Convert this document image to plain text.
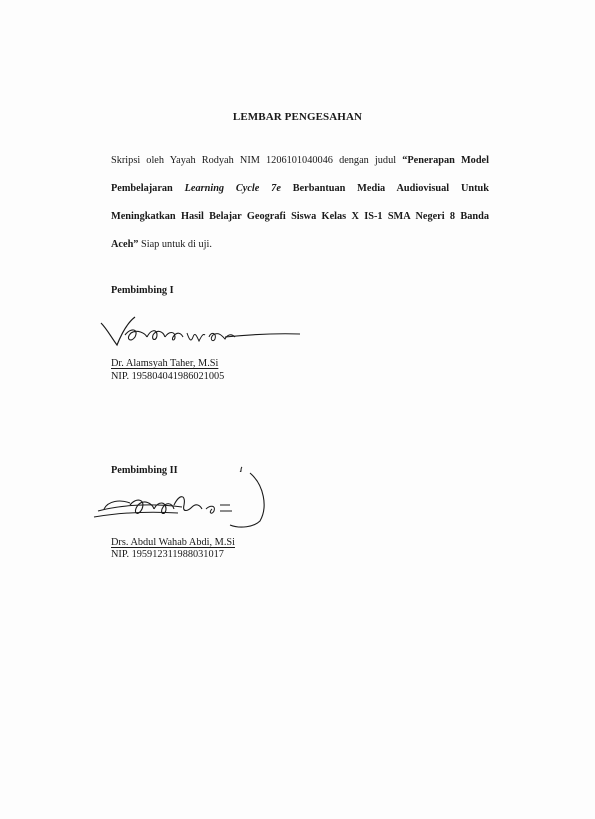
LEMBAR PENGESAHAN
Skripsi oleh Yayah Rodyah NIM 1206101040046 dengan judul “Penerapan Model
Pembelajaran Learning Cycle 7e Berbantuan Media Audiovisual Untuk
Meningkatkan Hasil Belajar Geografi Siswa Kelas X IS-1 SMA Negeri 8 Banda
Aceh” Siap untuk di uji.
Pembimbing I
Dr. Alamsyah Taher, M.Si
NIP. 195804041986021005
Pembimbing II
Drs. Abdul Wahab Abdi, M.Si
NIP. 195912311988031017
